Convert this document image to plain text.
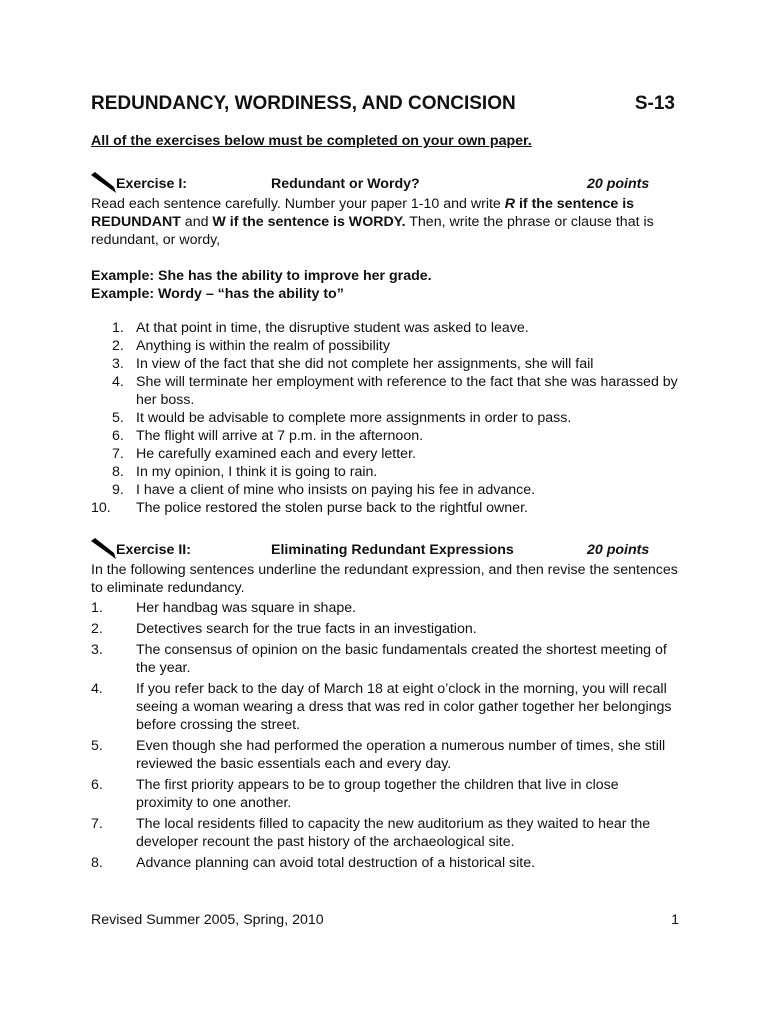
REDUNDANCY, WORDINESS, AND CONCISION	S-13
All of the exercises below must be completed on your own paper.
Exercise I:	Redundant or Wordy?	20 points
Read each sentence carefully. Number your paper 1-10 and write R if the sentence is REDUNDANT and W if the sentence is WORDY. Then, write the phrase or clause that is redundant, or wordy,
Example: She has the ability to improve her grade.
Example: Wordy – “has the ability to”
1. At that point in time, the disruptive student was asked to leave.
2. Anything is within the realm of possibility
3. In view of the fact that she did not complete her assignments, she will fail
4. She will terminate her employment with reference to the fact that she was harassed by her boss.
5. It would be advisable to complete more assignments in order to pass.
6. The flight will arrive at 7 p.m. in the afternoon.
7. He carefully examined each and every letter.
8. In my opinion, I think it is going to rain.
9. I have a client of mine who insists on paying his fee in advance.
10.	The police restored the stolen purse back to the rightful owner.
Exercise II:	Eliminating Redundant Expressions	20 points
In the following sentences underline the redundant expression, and then revise the sentences to eliminate redundancy.
1.	Her handbag was square in shape.
2.	Detectives search for the true facts in an investigation.
3.	The consensus of opinion on the basic fundamentals created the shortest meeting of the year.
4.	If you refer back to the day of March 18 at eight o’clock in the morning, you will recall seeing a woman wearing a dress that was red in color gather together her belongings before crossing the street.
5.	Even though she had performed the operation a numerous number of times, she still reviewed the basic essentials each and every day.
6.	The first priority appears to be to group together the children that live in close proximity to one another.
7.	The local residents filled to capacity the new auditorium as they waited to hear the developer recount the past history of the archaeological site.
8.	Advance planning can avoid total destruction of a historical site.
Revised Summer 2005, Spring, 2010	1
